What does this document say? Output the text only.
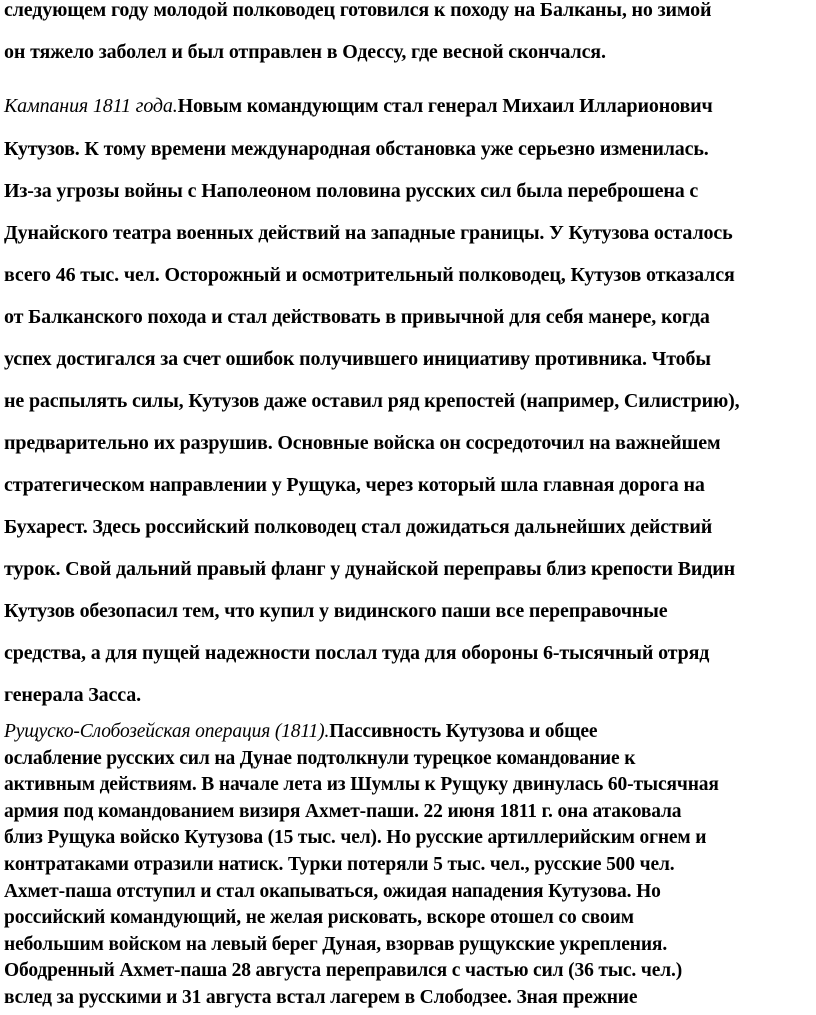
следующем году молодой полководец готовился к походу на Балканы, но зимой
он тяжело заболел и был отправлен в Одессу, где весной скончался.
Кампания 1811 года.Новым командующим стал генерал Михаил Илларионович
Кутузов. К тому времени международная обстановка уже серьезно изменилась.
Из-за угрозы войны с Наполеоном половина русских сил была переброшена с
Дунайского театра военных действий на западные границы. У Кутузова осталось
всего 46 тыс. чел. Осторожный и осмотрительный полководец, Кутузов отказался
от Балканского похода и стал действовать в привычной для себя манере, когда
успех достигался за счет ошибок получившего инициативу противника. Чтобы
не распылять силы, Кутузов даже оставил ряд крепостей (например, Силистрию),
предварительно их разрушив. Основные войска он сосредоточил на важнейшем
стратегическом направлении у Рущука, через который шла главная дорога на
Бухарест. Здесь российский полководец стал дожидаться дальнейших действий
турок. Свой дальний правый фланг у дунайской переправы близ крепости Видин
Кутузов обезопасил тем, что купил у видинского паши все переправочные
средства, а для пущей надежности послал туда для обороны 6-тысячный отряд
генерала Засса.
Рущуско-Слобозейская операция (1811).Пассивность Кутузова и общее
ослабление русских сил на Дунае подтолкнули турецкое командование к
активным действиям. В начале лета из Шумлы к Рущуку двинулась 60-тысячная
армия под командованием визиря Ахмет-паши. 22 июня 1811 г. она атаковала
близ Рущука войско Кутузова (15 тыс. чел). Но русские артиллерийским огнем и
контратаками отразили натиск. Турки потеряли 5 тыс. чел., русские 500 чел.
Ахмет-паша отступил и стал окапываться, ожидая нападения Кутузова. Но
российский командующий, не желая рисковать, вскоре отошел со своим
небольшим войском на левый берег Дуная, взорвав рущукские укрепления.
Ободренный Ахмет-паша 28 августа переправился с частью сил (36 тыс. чел.)
вслед за русскими и 31 августа встал лагерем в Слободзее. Зная прежние
